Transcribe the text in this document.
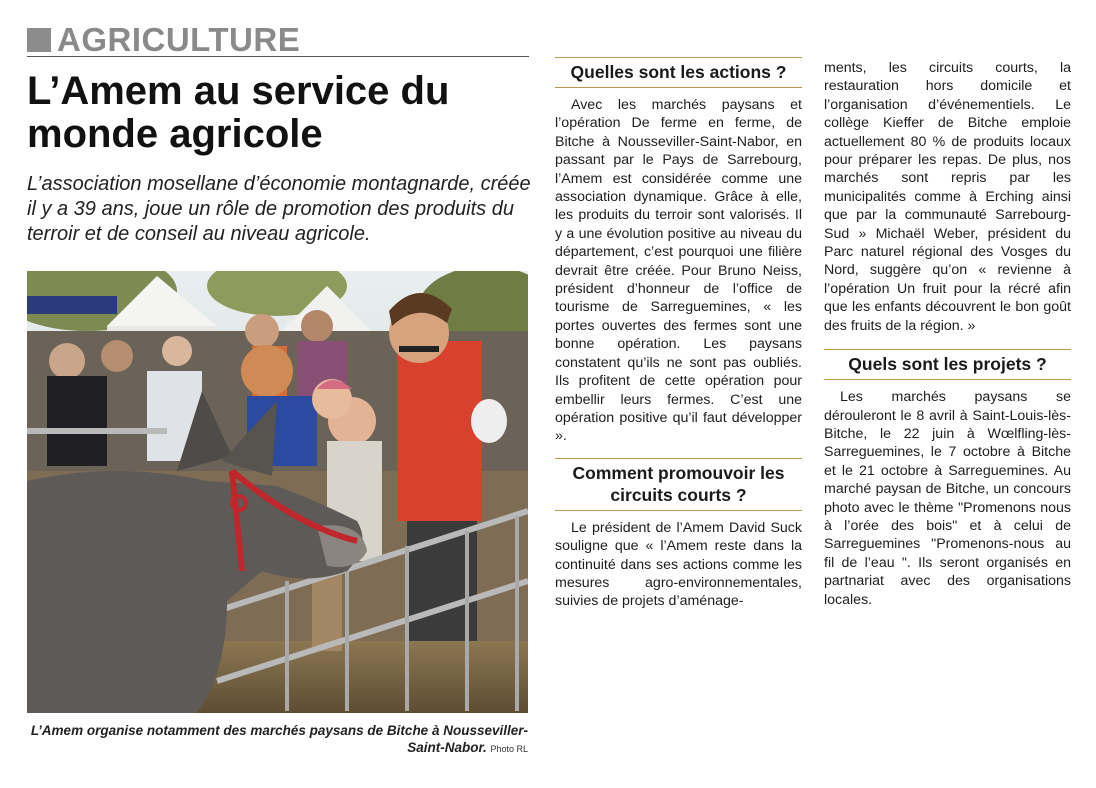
AGRICULTURE
L’Amem au service du monde agricole

L’association mosellane d’économie montagnarde, créée il y a 39 ans, joue un rôle de promotion des produits du terroir et de conseil au niveau agricole.

L’Amem organise notamment des marchés paysans de Bitche à Nousseviller-Saint-Nabor. Photo RL
Quelles sont les actions ?

Avec les marchés paysans et l’opération De ferme en ferme, de Bitche à Nousseviller-Saint-Nabor, en passant par le Pays de Sarrebourg, l’Amem est considérée comme une association dynamique. Grâce à elle, les produits du terroir sont valorisés. Il y a une évolution positive au niveau du département, c’est pourquoi une filière devrait être créée. Pour Bruno Neiss, président d’honneur de l’office de tourisme de Sarreguemines, « les portes ouvertes des fermes sont une bonne opération. Les paysans constatent qu’ils ne sont pas oubliés. Ils profitent de cette opération pour embellir leurs fermes. C’est une opération positive qu’il faut développer ».

Comment promouvoir les circuits courts ?

Le président de l’Amem David Suck souligne que « l’Amem reste dans la continuité dans ses actions comme les mesures agro-environnementales, suivies de projets d’aménage-

ments, les circuits courts, la restauration hors domicile et l’organisation d’événementiels. Le collège Kieffer de Bitche emploie actuellement 80 % de produits locaux pour préparer les repas. De plus, nos marchés sont repris par les municipalités comme à Erching ainsi que par la communauté Sarrebourg-Sud » Michaël Weber, président du Parc naturel régional des Vosges du Nord, suggère qu’on « revienne à l’opération Un fruit pour la récré afin que les enfants découvrent le bon goût des fruits de la région. »

Quels sont les projets ?

Les marchés paysans se dérouleront le 8 avril à Saint-Louis-lès-Bitche, le 22 juin à Wœlfling-lès-Sarreguemines, le 7 octobre à Bitche et le 21 octobre à Sarreguemines. Au marché paysan de Bitche, un concours photo avec le thème "Promenons nous à l’orée des bois" et à celui de Sarreguemines "Promenons-nous au fil de l’eau ". Ils seront organisés en partnariat avec des organisations locales.
